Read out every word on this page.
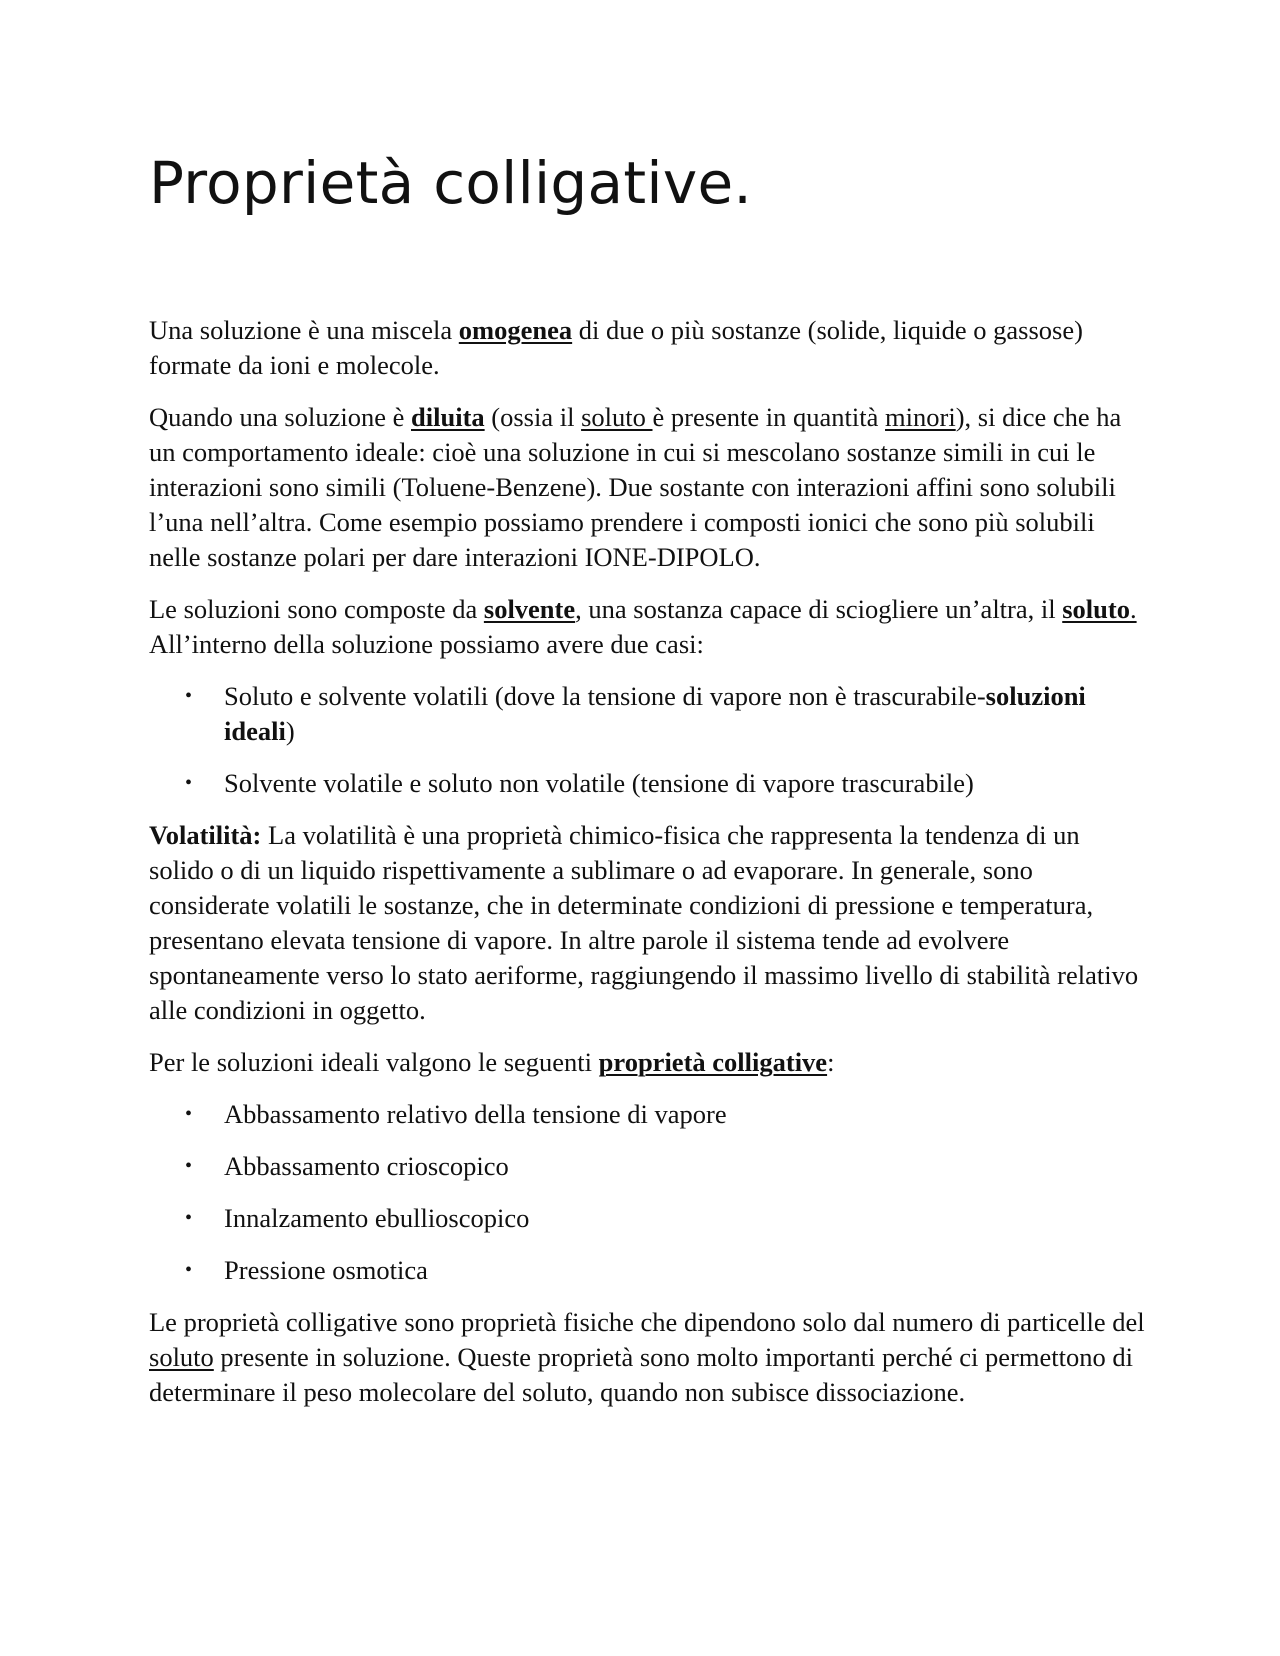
Proprietà colligative.

Una soluzione è una miscela omogenea di due o più sostanze (solide, liquide o gassose) formate da ioni e molecole.

Quando una soluzione è diluita (ossia il soluto è presente in quantità minori), si dice che ha un comportamento ideale: cioè una soluzione in cui si mescolano sostanze simili in cui le interazioni sono simili (Toluene-Benzene). Due sostante con interazioni affini sono solubili l’una nell’altra. Come esempio possiamo prendere i composti ionici che sono più solubili nelle sostanze polari per dare interazioni IONE-DIPOLO.

Le soluzioni sono composte da solvente, una sostanza capace di sciogliere un’altra, il soluto. All’interno della soluzione possiamo avere due casi:

• Soluto e solvente volatili (dove la tensione di vapore non è trascurabile-soluzioni ideali)
• Solvente volatile e soluto non volatile (tensione di vapore trascurabile)

Volatilità: La volatilità è una proprietà chimico-fisica che rappresenta la tendenza di un solido o di un liquido rispettivamente a sublimare o ad evaporare. In generale, sono considerate volatili le sostanze, che in determinate condizioni di pressione e temperatura, presentano elevata tensione di vapore. In altre parole il sistema tende ad evolvere spontaneamente verso lo stato aeriforme, raggiungendo il massimo livello di stabilità relativo alle condizioni in oggetto.

Per le soluzioni ideali valgono le seguenti proprietà colligative:

• Abbassamento relativo della tensione di vapore
• Abbassamento crioscopico
• Innalzamento ebullioscopico
• Pressione osmotica

Le proprietà colligative sono proprietà fisiche che dipendono solo dal numero di particelle del soluto presente in soluzione. Queste proprietà sono molto importanti perché ci permettono di determinare il peso molecolare del soluto, quando non subisce dissociazione.
